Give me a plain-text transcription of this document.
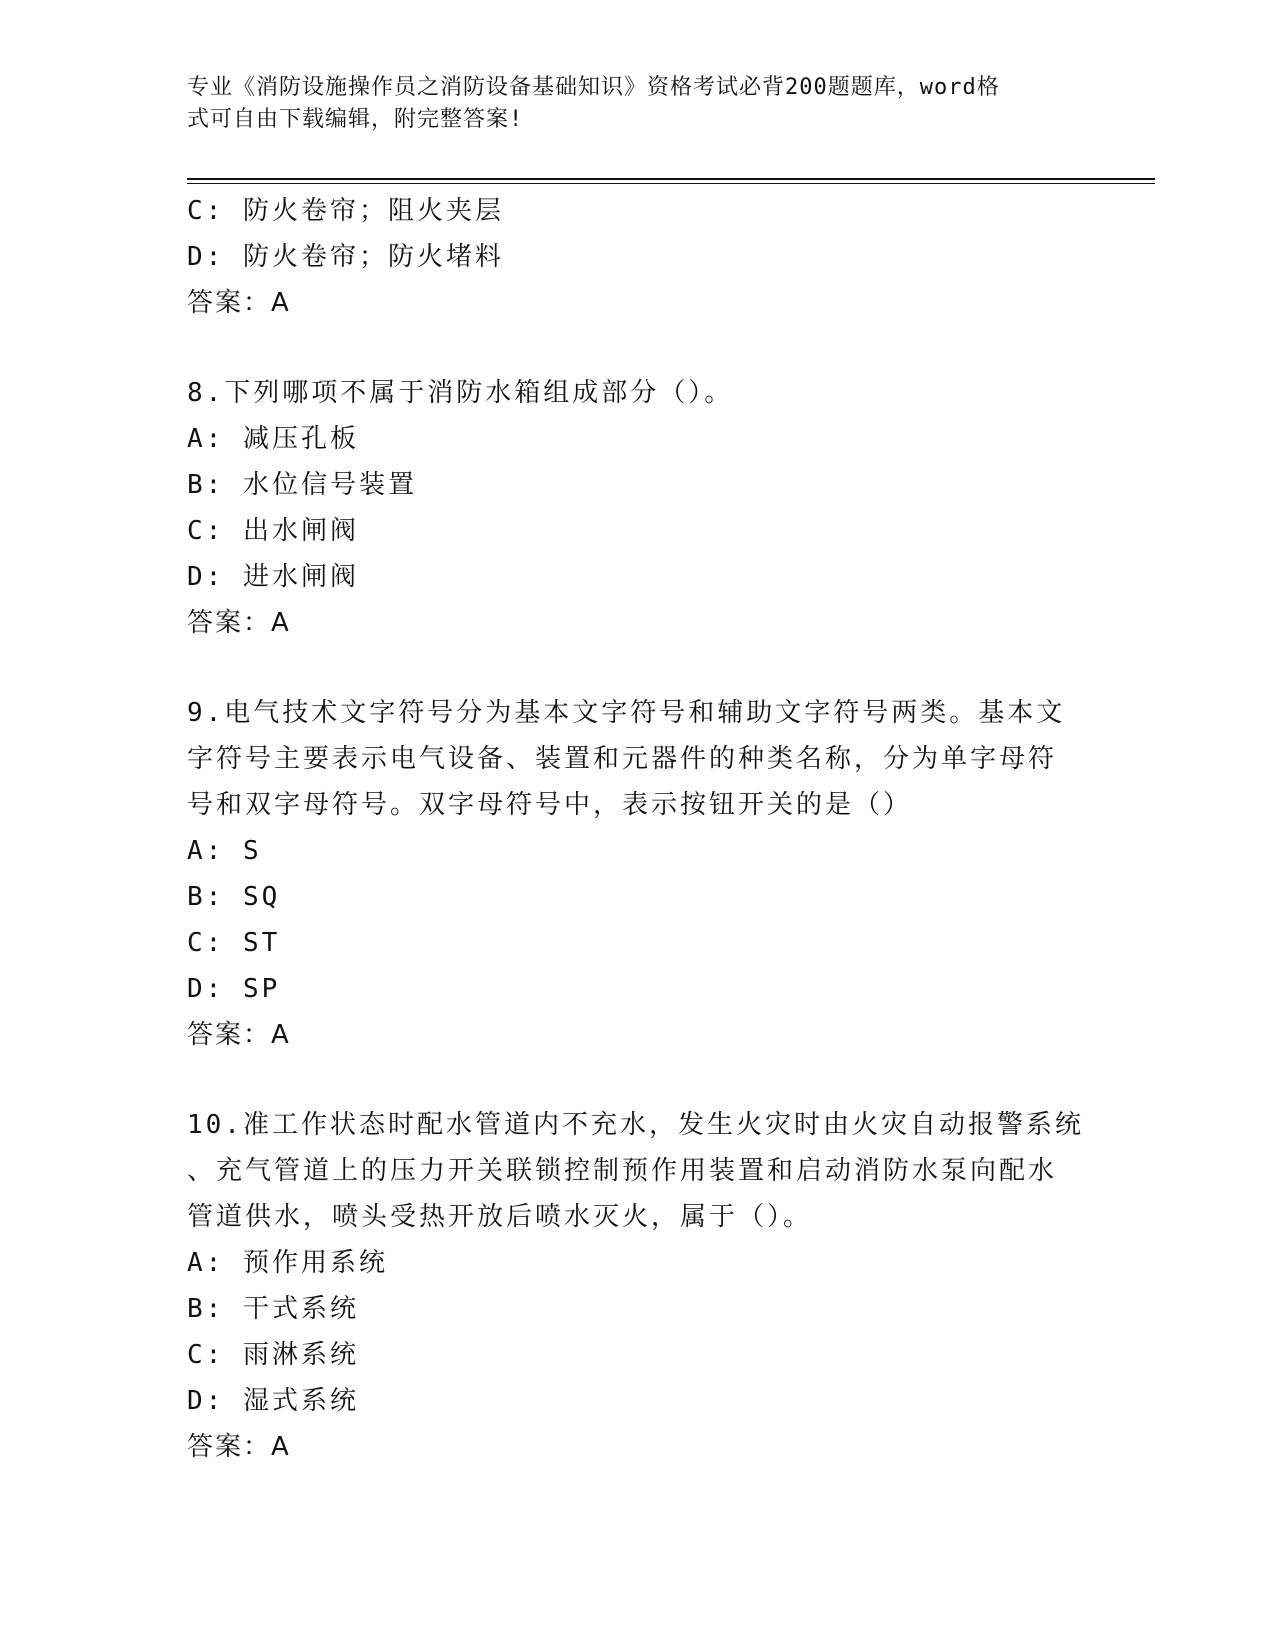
专业《消防设施操作员之消防设备基础知识》资格考试必背200题题库，word格
式可自由下载编辑，附完整答案!
C: 防火卷帘；阻火夹层
D: 防火卷帘；防火堵料
答案：A
8.下列哪项不属于消防水箱组成部分（）。
A: 减压孔板
B: 水位信号装置
C: 出水闸阀
D: 进水闸阀
答案：A
9.电气技术文字符号分为基本文字符号和辅助文字符号两类。基本文
字符号主要表示电气设备、装置和元器件的种类名称，分为单字母符
号和双字母符号。双字母符号中，表示按钮开关的是（）
A: S
B: SQ
C: ST
D: SP
答案：A
10.准工作状态时配水管道内不充水，发生火灾时由火灾自动报警系统
、充气管道上的压力开关联锁控制预作用装置和启动消防水泵向配水
管道供水，喷头受热开放后喷水灭火，属于（）。
A: 预作用系统
B: 干式系统
C: 雨淋系统
D: 湿式系统
答案：A
